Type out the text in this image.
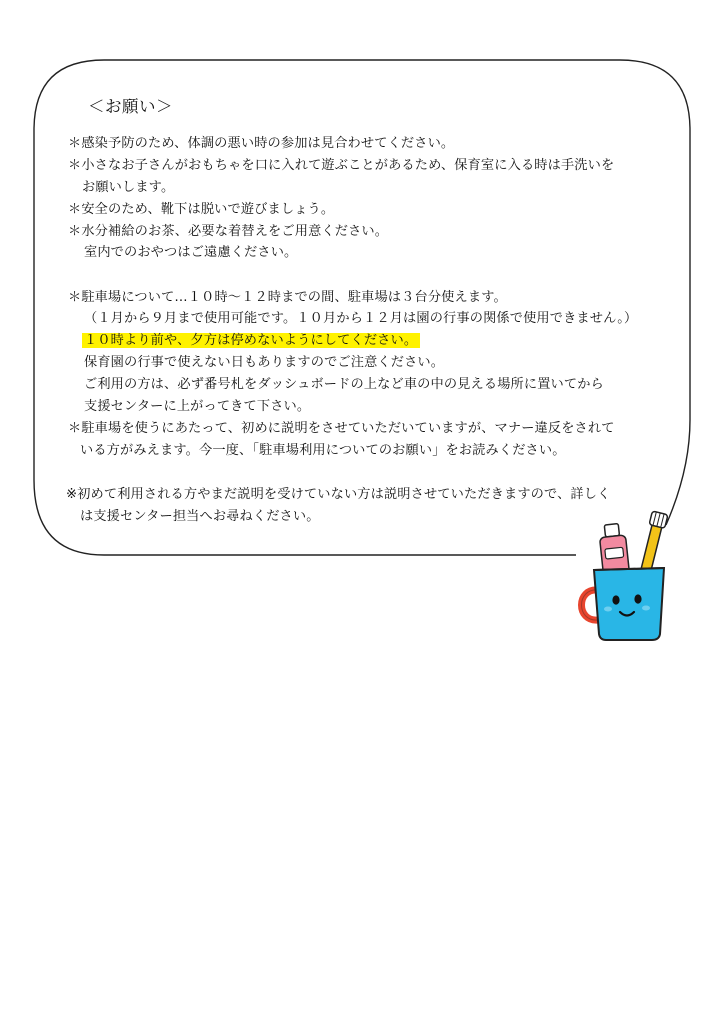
＜お願い＞
＊感染予防のため、体調の悪い時の参加は見合わせてください。
＊小さなお子さんがおもちゃを口に入れて遊ぶことがあるため、保育室に入る時は手洗いを
お願いします。
＊安全のため、靴下は脱いで遊びましょう。
＊水分補給のお茶、必要な着替えをご用意ください。
室内でのおやつはご遠慮ください。
＊駐車場について…１０時～１２時までの間、駐車場は３台分使えます。
（１月から９月まで使用可能です。１０月から１２月は園の行事の関係で使用できません。）
１０時より前や、夕方は停めないようにしてください。
保育園の行事で使えない日もありますのでご注意ください。
ご利用の方は、必ず番号札をダッシュボードの上など車の中の見える場所に置いてから
支援センターに上がってきて下さい。
＊駐車場を使うにあたって、初めに説明をさせていただいていますが、マナー違反をされて
いる方がみえます。今一度、「駐車場利用についてのお願い」をお読みください。
※初めて利用される方やまだ説明を受けていない方は説明させていただきますので、詳しく
は支援センター担当へお尋ねください。
